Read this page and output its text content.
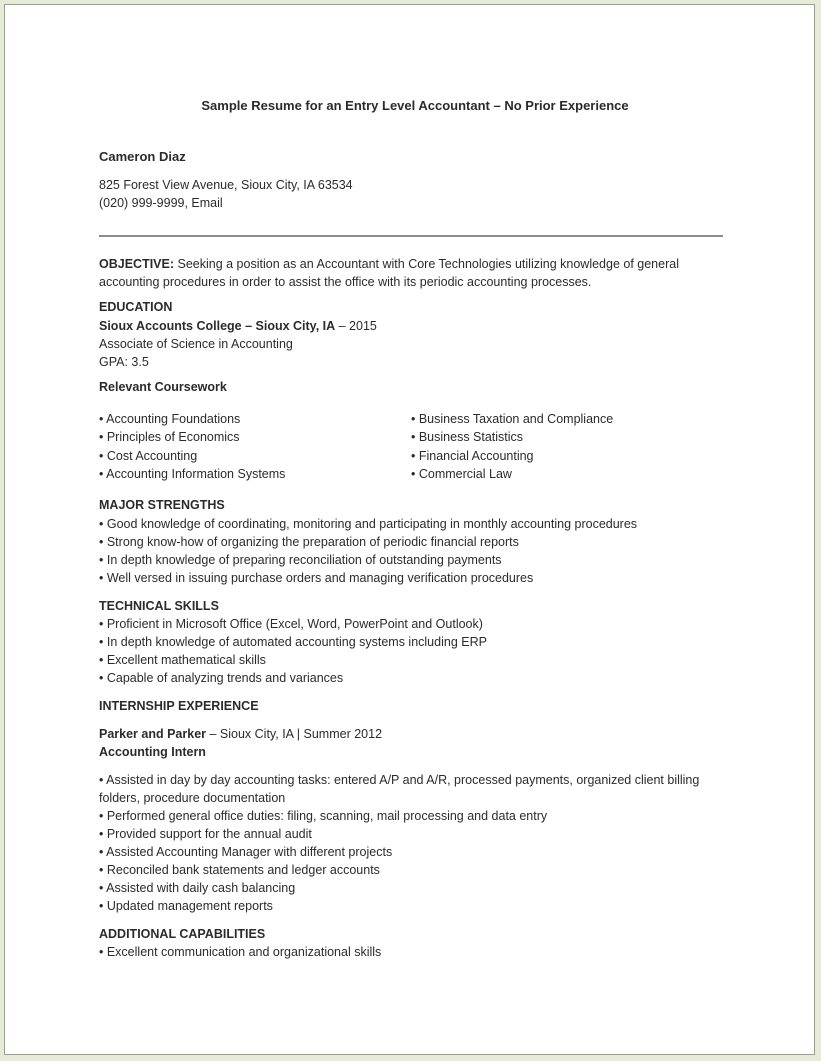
Sample Resume for an Entry Level Accountant – No Prior Experience
Cameron Diaz
825 Forest View Avenue, Sioux City, IA 63534
(020) 999-9999, Email
OBJECTIVE: Seeking a position as an Accountant with Core Technologies utilizing knowledge of general accounting procedures in order to assist the office with its periodic accounting processes.
EDUCATION
Sioux Accounts College – Sioux City, IA – 2015
Associate of Science in Accounting
GPA: 3.5
Relevant Coursework
• Accounting Foundations
• Principles of Economics
• Cost Accounting
• Accounting Information Systems
• Business Taxation and Compliance
• Business Statistics
• Financial Accounting
• Commercial Law
MAJOR STRENGTHS
• Good knowledge of coordinating, monitoring and participating in monthly accounting procedures
• Strong know-how of organizing the preparation of periodic financial reports
• In depth knowledge of preparing reconciliation of outstanding payments
• Well versed in issuing purchase orders and managing verification procedures
TECHNICAL SKILLS
• Proficient in Microsoft Office (Excel, Word, PowerPoint and Outlook)
• In depth knowledge of automated accounting systems including ERP
• Excellent mathematical skills
• Capable of analyzing trends and variances
INTERNSHIP EXPERIENCE
Parker and Parker – Sioux City, IA | Summer 2012
Accounting Intern
• Assisted in day by day accounting tasks: entered A/P and A/R, processed payments, organized client billing folders, procedure documentation
• Performed general office duties: filing, scanning, mail processing and data entry
• Provided support for the annual audit
• Assisted Accounting Manager with different projects
• Reconciled bank statements and ledger accounts
• Assisted with daily cash balancing
• Updated management reports
ADDITIONAL CAPABILITIES
• Excellent communication and organizational skills
